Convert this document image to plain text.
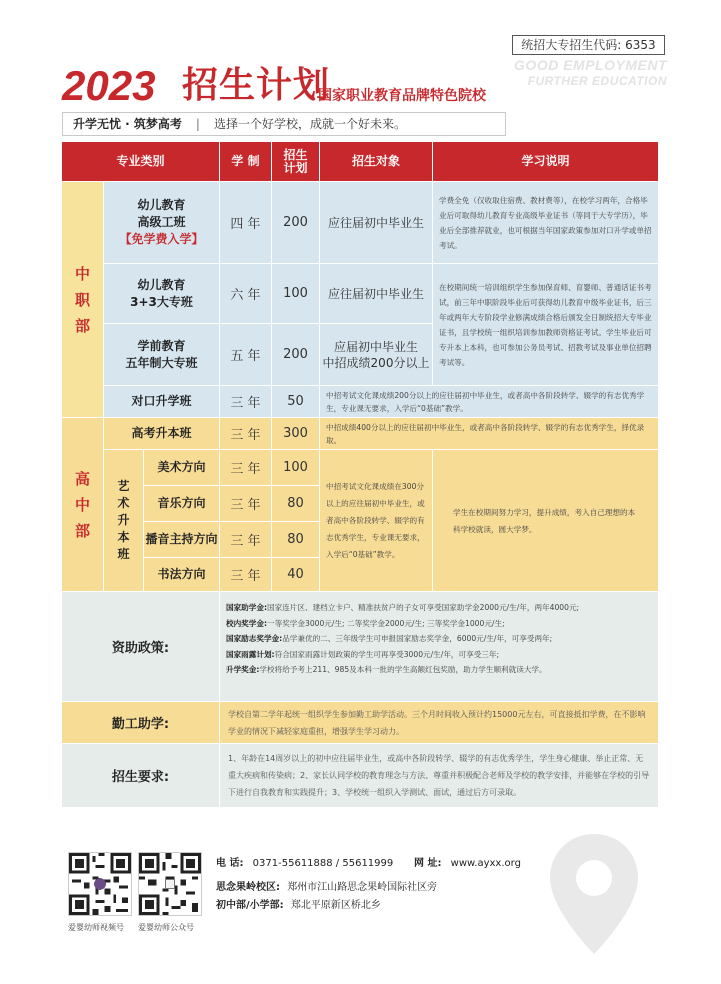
统招大专招生代码: 6353
GOOD EMPLOYMENT
FURTHER EDUCATION
2023 招生计划
国家职业教育品牌特色院校
升学无忧 · 筑梦高考 | 选择一个好学校，成就一个好未来。
专业类别	学 制	招生
计划	招生对象	学习说明
中
职
部
幼儿教育
高级工班
【免学费入学】
四 年	200	应往届初中毕业生
学费全免（仅收取住宿费、教材费等），在校学习两年，合格毕业后可取得幼儿教育专业高级毕业证书（等同于大专学历），毕业后全部推荐就业，也可根据当年国家政策参加对口升学或单招考试。
幼儿教育
3+3大专班	六 年	100	应往届初中毕业生	在校期间统一培训组织学生参加保育师、育婴师、普通话证书考试，前三年中职阶段毕业后可获得幼儿教育中级毕业证书，后三年或两年大专阶段学业修满成绩合格后颁发全日制统招大专毕业证书，且学校统一组织培训参加教师资格证考试。学生毕业后可专升本上本科，也可参加公务员考试、招教考试及事业单位招聘考试等。
学前教育
五年制大专班	五 年	200
应届初中毕业生
中招成绩200分以上
对口升学班	三 年	50	中招考试文化课成绩200分以上的应往届初中毕业生，或者高中各阶段转学、辍学的有志优秀学生，专业课无要求，入学后“0基础”教学。
高
中
部
高考升本班	三 年	300	中招成绩400分以上的应往届初中毕业生，或者高中各阶段转学、辍学的有志优秀学生，择优录取。
艺
术
升
本
班
美术方向	三 年	100
音乐方向	三 年	80
播音主持方向 三 年	80
书法方向	三 年	40
中招考试文化课成绩在300分以上的应往届初中毕业生，或者高中各阶段转学、辍学的有志优秀学生，专业课无要求，入学后“0基础”教学。
学生在校期间努力学习，提升成绩，考入自己理想的本科学校就读，圆大学梦。
资助政策:
国家助学金:国家连片区、建档立卡户、精准扶贫户的子女可享受国家助学金2000元/生/年，两年4000元;
校内奖学金:一等奖学金3000元/生; 二等奖学金2000元/生; 三等奖学金1000元/生;
国家励志奖学金:品学兼优的二、三年级学生可申报国家励志奖学金，6000元/生/年，可享受两年;
国家雨露计划:符合国家雨露计划政策的学生可再享受3000元/生/年，可享受三年;
升学奖金:学校将给予考上211、985及本科一批的学生高额红包奖励，助力学生顺利就读大学。
勤工助学:
学校自第二学年起统一组织学生参加勤工助学活动。三个月时间收入预计约15000元左右，可直接抵扣学费，在不影响学业的情况下减轻家庭重担，增强学生学习动力。
招生要求:
1、年龄在14周岁以上的初中应往届毕业生，或高中各阶段转学、辍学的有志优秀学生，学生身心健康、举止正常、无重大疾病和传染病；2、家长认同学校的教育理念与方法、尊重并积极配合老师及学校的教学安排，并能够在学校的引导下进行自我教育和实践提升；3、学校统一组织入学测试、面试，通过后方可录取。
爱婴幼师视频号 爱婴幼师公众号
电 话: 0371-55611888 / 55611999 网 址: www.ayxx.org
思念果岭校区: 郑州市江山路思念果岭国际社区旁
初中部/小学部: 郑北平原新区桥北乡
